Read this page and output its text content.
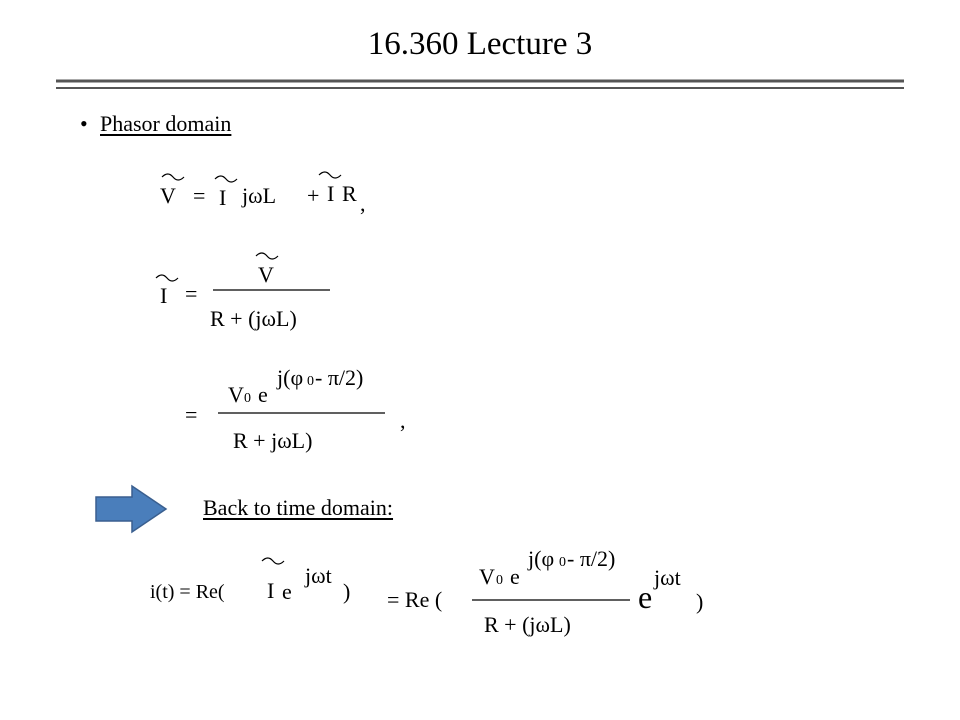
16.360 Lecture 3
• Phasor domain
V = I jωL + I R ,
V
I =
R + (jωL)
j(φ 0 - π/2)
V 0 e
=	,
R + jωL)
Back to time domain:
i(t) = Re( I e
jωt
)
j(φ 0 - π/2)
V 0 e	jωt
= Re (	e )
R + (jωL)
